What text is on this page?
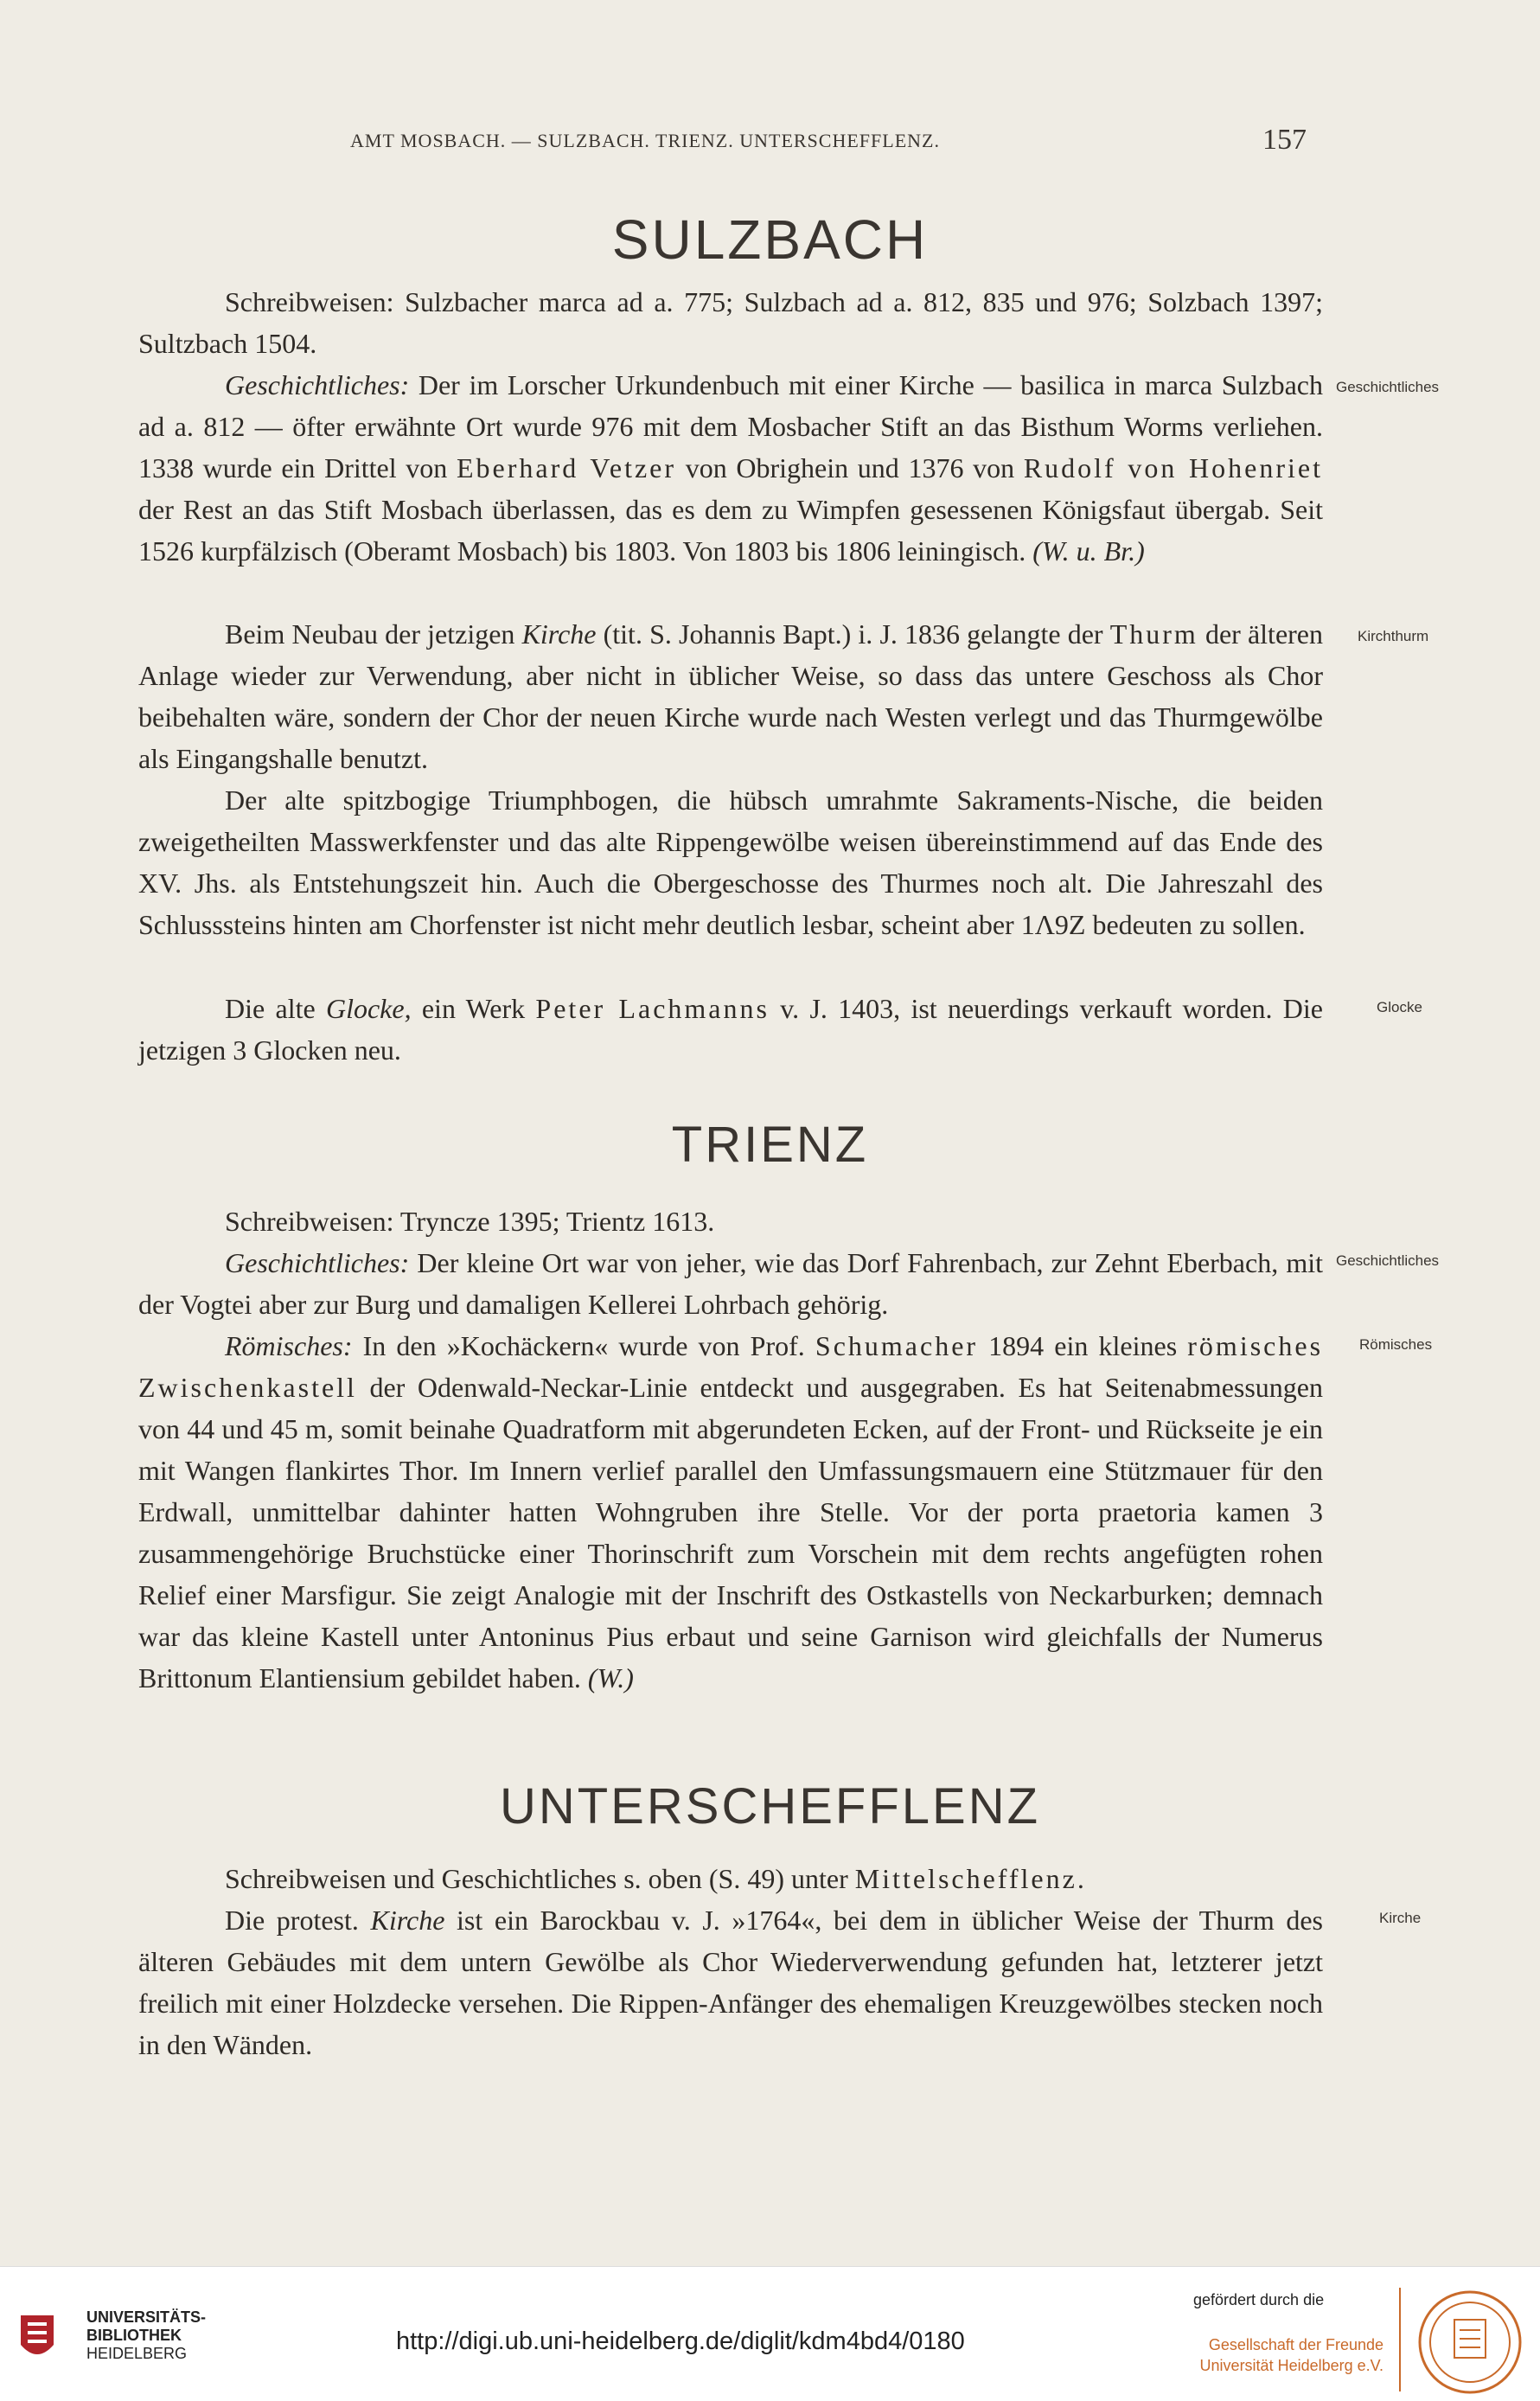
AMT MOSBACH. — SULZBACH. TRIENZ. UNTERSCHEFFLENZ.	157
SULZBACH
Schreibweisen: Sulzbacher marca ad a. 775; Sulzbach ad a. 812, 835 und 976; Solzbach 1397; Sultzbach 1504.
Geschichtliches: Der im Lorscher Urkundenbuch mit einer Kirche — basilica in marca Sulzbach ad a. 812 — öfter erwähnte Ort wurde 976 mit dem Mosbacher Stift an das Bisthum Worms verliehen. 1338 wurde ein Drittel von Eberhard Vetzer von Obrighein und 1376 von Rudolf von Hohenriet der Rest an das Stift Mosbach überlassen, das es dem zu Wimpfen gesessenen Königsfaut übergab. Seit 1526 kurpfälzisch (Oberamt Mosbach) bis 1803. Von 1803 bis 1806 leiningisch. (W. u. Br.)
Geschichtliches
Beim Neubau der jetzigen Kirche (tit. S. Johannis Bapt.) i. J. 1836 gelangte der Thurm der älteren Anlage wieder zur Verwendung, aber nicht in üblicher Weise, so dass das untere Geschoss als Chor beibehalten wäre, sondern der Chor der neuen Kirche wurde nach Westen verlegt und das Thurmgewölbe als Eingangshalle benutzt.
Kirchthurm
Der alte spitzbogige Triumphbogen, die hübsch umrahmte Sakraments-Nische, die beiden zweigetheilten Masswerkfenster und das alte Rippengewölbe weisen übereinstimmend auf das Ende des XV. Jhs. als Entstehungszeit hin. Auch die Obergeschosse des Thurmes noch alt. Die Jahreszahl des Schlusssteins hinten am Chorfenster ist nicht mehr deutlich lesbar, scheint aber 1Λ9Z bedeuten zu sollen.
Die alte Glocke, ein Werk Peter Lachmanns v. J. 1403, ist neuerdings verkauft worden. Die jetzigen 3 Glocken neu.
Glocke
TRIENZ
Schreibweisen: Tryncze 1395; Trientz 1613.
Geschichtliches: Der kleine Ort war von jeher, wie das Dorf Fahrenbach, zur Zehnt Eberbach, mit der Vogtei aber zur Burg und damaligen Kellerei Lohrbach gehörig.
Geschichtliches
Römisches: In den »Kochäckern« wurde von Prof. Schumacher 1894 ein kleines römisches Zwischenkastell der Odenwald-Neckar-Linie entdeckt und ausgegraben. Es hat Seitenabmessungen von 44 und 45 m, somit beinahe Quadratform mit abgerundeten Ecken, auf der Front- und Rückseite je ein mit Wangen flankirtes Thor. Im Innern verlief parallel den Umfassungsmauern eine Stützmauer für den Erdwall, unmittelbar dahinter hatten Wohngruben ihre Stelle. Vor der porta praetoria kamen 3 zusammengehörige Bruchstücke einer Thorinschrift zum Vorschein mit dem rechts angefügten rohen Relief einer Marsfigur. Sie zeigt Analogie mit der Inschrift des Ostkastells von Neckarburken; demnach war das kleine Kastell unter Antoninus Pius erbaut und seine Garnison wird gleichfalls der Numerus Brittonum Elantiensium gebildet haben. (W.)
Römisches
UNTERSCHEFFLENZ
Schreibweisen und Geschichtliches s. oben (S. 49) unter Mittelschefflenz.
Die protest. Kirche ist ein Barockbau v. J. »1764«, bei dem in üblicher Weise der Thurm des älteren Gebäudes mit dem untern Gewölbe als Chor Wiederverwendung gefunden hat, letzterer jetzt freilich mit einer Holzdecke versehen. Die Rippen-Anfänger des ehemaligen Kreuzgewölbes stecken noch in den Wänden.
Kirche
UNIVERSITÄTS-
BIBLIOTHEK
HEIDELBERG	http://digi.ub.uni-heidelberg.de/diglit/kdm4bd4/0180
gefördert durch die
Gesellschaft der Freunde
Universität Heidelberg e.V.
